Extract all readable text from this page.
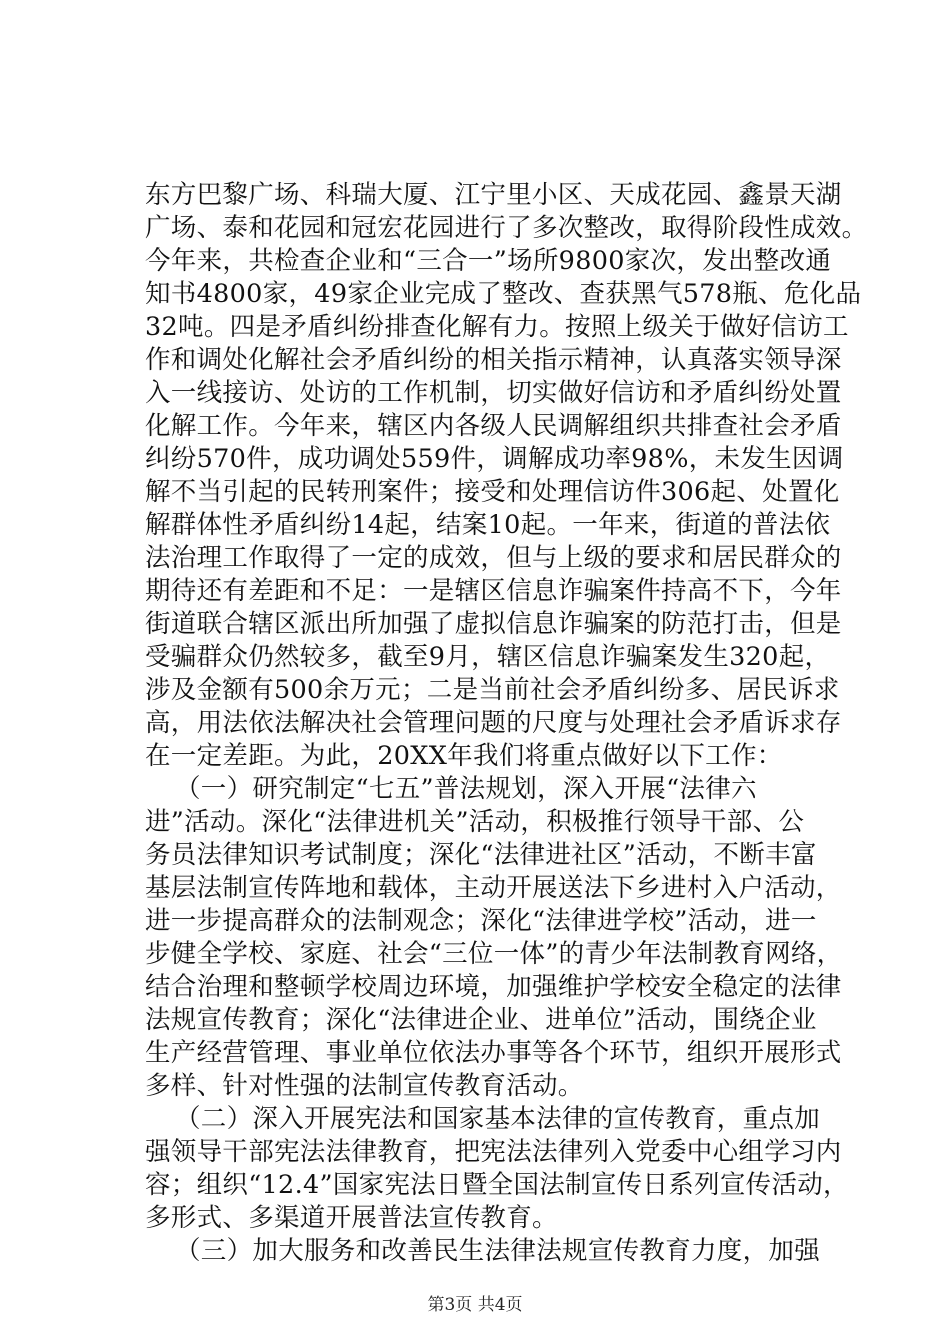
东方巴黎广场、科瑞大厦、江宁里小区、天成花园、鑫景天湖
广场、泰和花园和冠宏花园进行了多次整改，取得阶段性成效。
今年来，共检查企业和“三合一”场所9800家次，发出整改通
知书4800家，49家企业完成了整改、查获黑气578瓶、危化品
32吨。四是矛盾纠纷排查化解有力。按照上级关于做好信访工
作和调处化解社会矛盾纠纷的相关指示精神，认真落实领导深
入一线接访、处访的工作机制，切实做好信访和矛盾纠纷处置
化解工作。今年来，辖区内各级人民调解组织共排查社会矛盾
纠纷570件，成功调处559件，调解成功率98%，未发生因调
解不当引起的民转刑案件；接受和处理信访件306起、处置化
解群体性矛盾纠纷14起，结案10起。一年来，街道的普法依
法治理工作取得了一定的成效，但与上级的要求和居民群众的
期待还有差距和不足：一是辖区信息诈骗案件持高不下，今年
街道联合辖区派出所加强了虚拟信息诈骗案的防范打击，但是
受骗群众仍然较多，截至9月，辖区信息诈骗案发生320起，
涉及金额有500余万元；二是当前社会矛盾纠纷多、居民诉求
高，用法依法解决社会管理问题的尺度与处理社会矛盾诉求存
在一定差距。为此，20XX年我们将重点做好以下工作：
（一）研究制定“七五”普法规划，深入开展“法律六
进”活动。深化“法律进机关”活动，积极推行领导干部、公
务员法律知识考试制度；深化“法律进社区”活动，不断丰富
基层法制宣传阵地和载体，主动开展送法下乡进村入户活动，
进一步提高群众的法制观念；深化“法律进学校”活动，进一
步健全学校、家庭、社会“三位一体”的青少年法制教育网络，
结合治理和整顿学校周边环境，加强维护学校安全稳定的法律
法规宣传教育；深化“法律进企业、进单位”活动，围绕企业
生产经营管理、事业单位依法办事等各个环节，组织开展形式
多样、针对性强的法制宣传教育活动。
（二）深入开展宪法和国家基本法律的宣传教育，重点加
强领导干部宪法法律教育，把宪法法律列入党委中心组学习内
容；组织“12.4”国家宪法日暨全国法制宣传日系列宣传活动，
多形式、多渠道开展普法宣传教育。
（三）加大服务和改善民生法律法规宣传教育力度，加强
第3页 共4页
